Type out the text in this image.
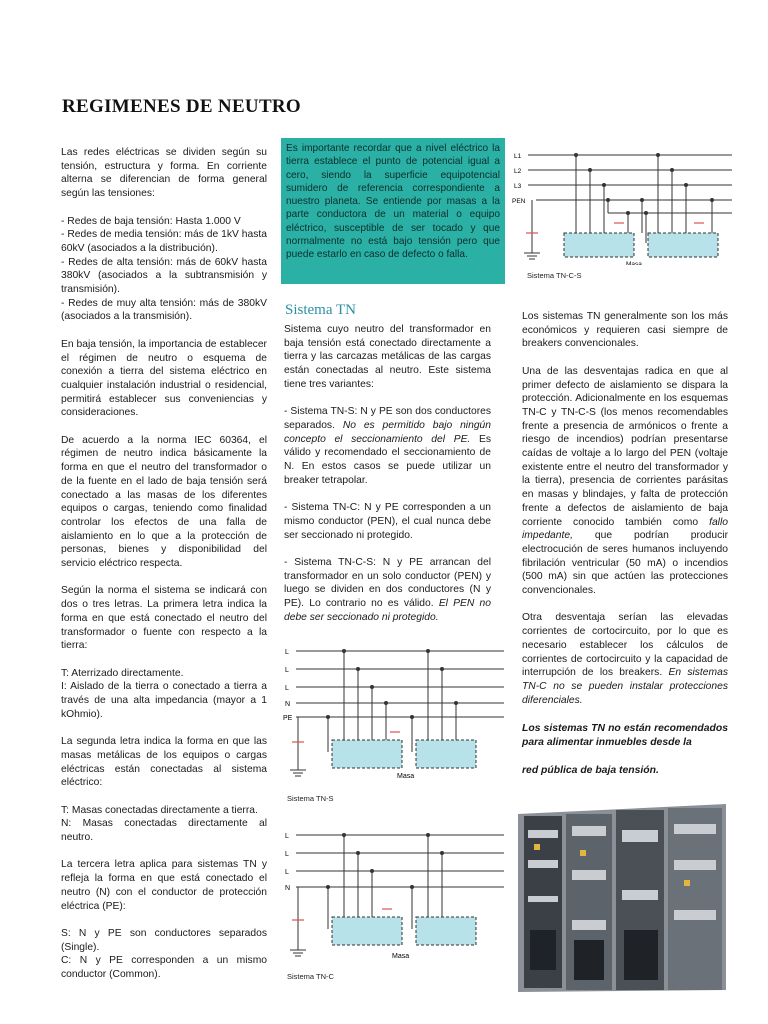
REGIMENES DE NEUTRO

Las redes eléctricas se dividen según su tensión, estructura y forma. En corriente alterna se diferencian de forma general según las tensiones:

- Redes de baja tensión: Hasta 1.000 V
- Redes de media tensión: más de 1kV hasta 60kV (asociados a la distribución).
- Redes de alta tensión: más de 60kV hasta 380kV (asociados a la subtransmisión y transmisión).

- Redes de muy alta tensión: más de 380kV (asociados a la transmisión).

En baja tensión, la importancia de establecer el régimen de neutro o esquema de conexión a tierra del sistema eléctrico en cualquier instalación industrial o residencial, permitirá establecer sus conveniencias y consideraciones.

De acuerdo a la norma IEC 60364, el régimen de neutro indica básicamente la forma en que el neutro del transformador o de la fuente en el lado de baja tensión será conectado a las masas de los diferentes equipos o cargas, teniendo como finalidad controlar los efectos de una falla de aislamiento en lo que a la protección de personas, bienes y disponibilidad del servicio eléctrico respecta.

Según la norma el sistema se indicará con dos o tres letras. La primera letra indica la forma en que está conectado el neutro del transformador o fuente con respecto a la tierra:

T: Aterrizado directamente.

I: Aislado de la tierra o conectado a tierra a través de una alta impedancia (mayor a 1 kOhmio).

La segunda letra indica la forma en que las masas metálicas de los equipos o cargas eléctricas están conectadas al sistema eléctrico:

T: Masas conectadas directamente a tierra.

N: Masas conectadas directamente al neutro.

La tercera letra aplica para sistemas TN y refleja la forma en que está conectado el neutro (N) con el conductor de protección eléctrica (PE):

S: N y PE son conductores separados (Single).
C: N y PE corresponden a un mismo conductor (Common).
Es importante recordar que a nivel eléctrico la tierra establece el punto de potencial igual a cero, siendo la superficie equipotencial sumidero de referencia correspondiente a nuestro planeta. Se entiende por masas a la parte conductora de un material o equipo eléctrico, susceptible de ser tocado y que normalmente no está bajo tensión pero que puede estarlo en caso de defecto o falla.
Sistema TN

Sistema cuyo neutro del transformador en baja tensión está conectado directamente a tierra y las carcazas metálicas de las cargas están conectadas al neutro. Este sistema tiene tres variantes:

- Sistema TN-S: N y PE son dos conductores separados. No es permitido bajo ningún concepto el seccionamiento del PE. Es válido y recomendado el seccionamiento de N. En estos casos se puede utilizar un breaker tetrapolar.

- Sistema TN-C: N y PE corresponden a un mismo conductor (PEN), el cual nunca debe ser seccionado ni protegido.

- Sistema TN-C-S: N y PE arrancan del transformador en un solo conductor (PEN) y luego se dividen en dos conductores (N y PE). Lo contrario no es válido. El PEN no debe ser seccionado ni protegido.

L
L
L
N
PE
Masa
Sistema TN-S
L
L
L
N
Masa
Sistema TN-C
L1
L2
L3
PEN
Masa
Sistema TN-C-S

Los sistemas TN generalmente son los más económicos y requieren casi siempre de breakers convencionales.

Una de las desventajas radica en que al primer defecto de aislamiento se dispara la protección. Adicionalmente en los esquemas TN-C y TN-C-S (los menos recomendables frente a presencia de armónicos o frente a riesgo de incendios) podrían presentarse caídas de voltaje a lo largo del PEN (voltaje existente entre el neutro del transformador y la tierra), presencia de corrientes parásitas en masas y blindajes, y falta de protección frente a defectos de aislamiento de baja corriente conocido también como fallo impedante, que podrían producir electrocución de seres humanos incluyendo fibrilación ventricular (50 mA) o incendios (500 mA) sin que actúen las protecciones convencionales.

Otra desventaja serían las elevadas corrientes de cortocircuito, por lo que es necesario establecer los cálculos de corrientes de cortocircuito y la capacidad de interrupción de los breakers. En sistemas TN-C no se pueden instalar protecciones diferenciales.

Los sistemas TN no están recomendados para alimentar inmuebles desde la
red pública de baja tensión.
